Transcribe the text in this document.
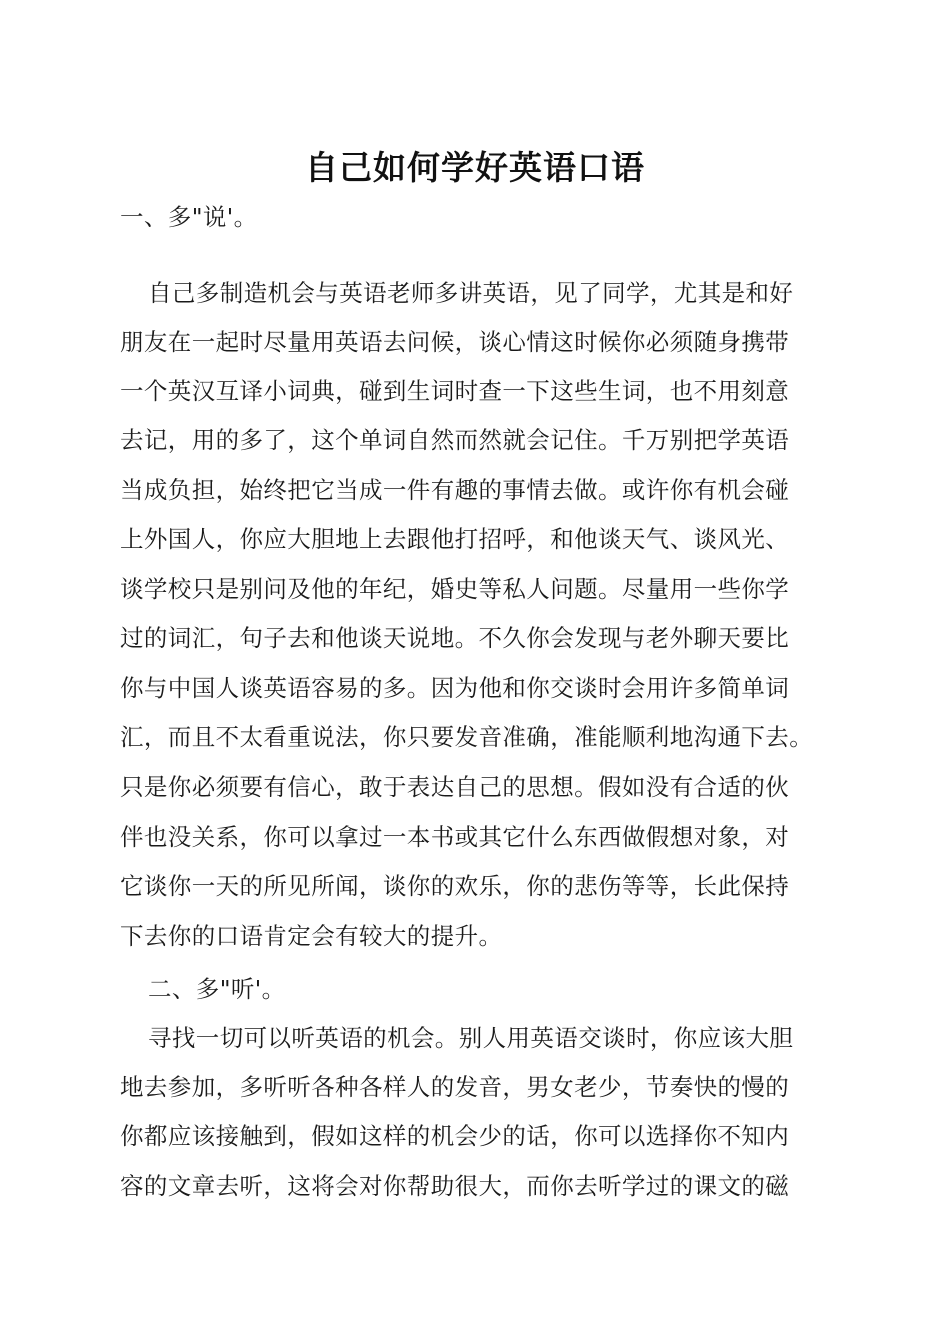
自己如何学好英语口语
一、多"说'。
自己多制造机会与英语老师多讲英语，见了同学，尤其是和好
朋友在一起时尽量用英语去问候，谈心情这时候你必须随身携带
一个英汉互译小词典，碰到生词时查一下这些生词，也不用刻意
去记，用的多了，这个单词自然而然就会记住。千万别把学英语
当成负担，始终把它当成一件有趣的事情去做。或许你有机会碰
上外国人，你应大胆地上去跟他打招呼，和他谈天气、谈风光、
谈学校只是别问及他的年纪，婚史等私人问题。尽量用一些你学
过的词汇，句子去和他谈天说地。不久你会发现与老外聊天要比
你与中国人谈英语容易的多。因为他和你交谈时会用许多简单词
汇，而且不太看重说法，你只要发音准确，准能顺利地沟通下去。
只是你必须要有信心，敢于表达自己的思想。假如没有合适的伙
伴也没关系，你可以拿过一本书或其它什么东西做假想对象，对
它谈你一天的所见所闻，谈你的欢乐，你的悲伤等等，长此保持
下去你的口语肯定会有较大的提升。
二、多"听'。
寻找一切可以听英语的机会。别人用英语交谈时，你应该大胆
地去参加，多听听各种各样人的发音，男女老少，节奏快的慢的
你都应该接触到，假如这样的机会少的话，你可以选择你不知内
容的文章去听，这将会对你帮助很大，而你去听学过的课文的磁
